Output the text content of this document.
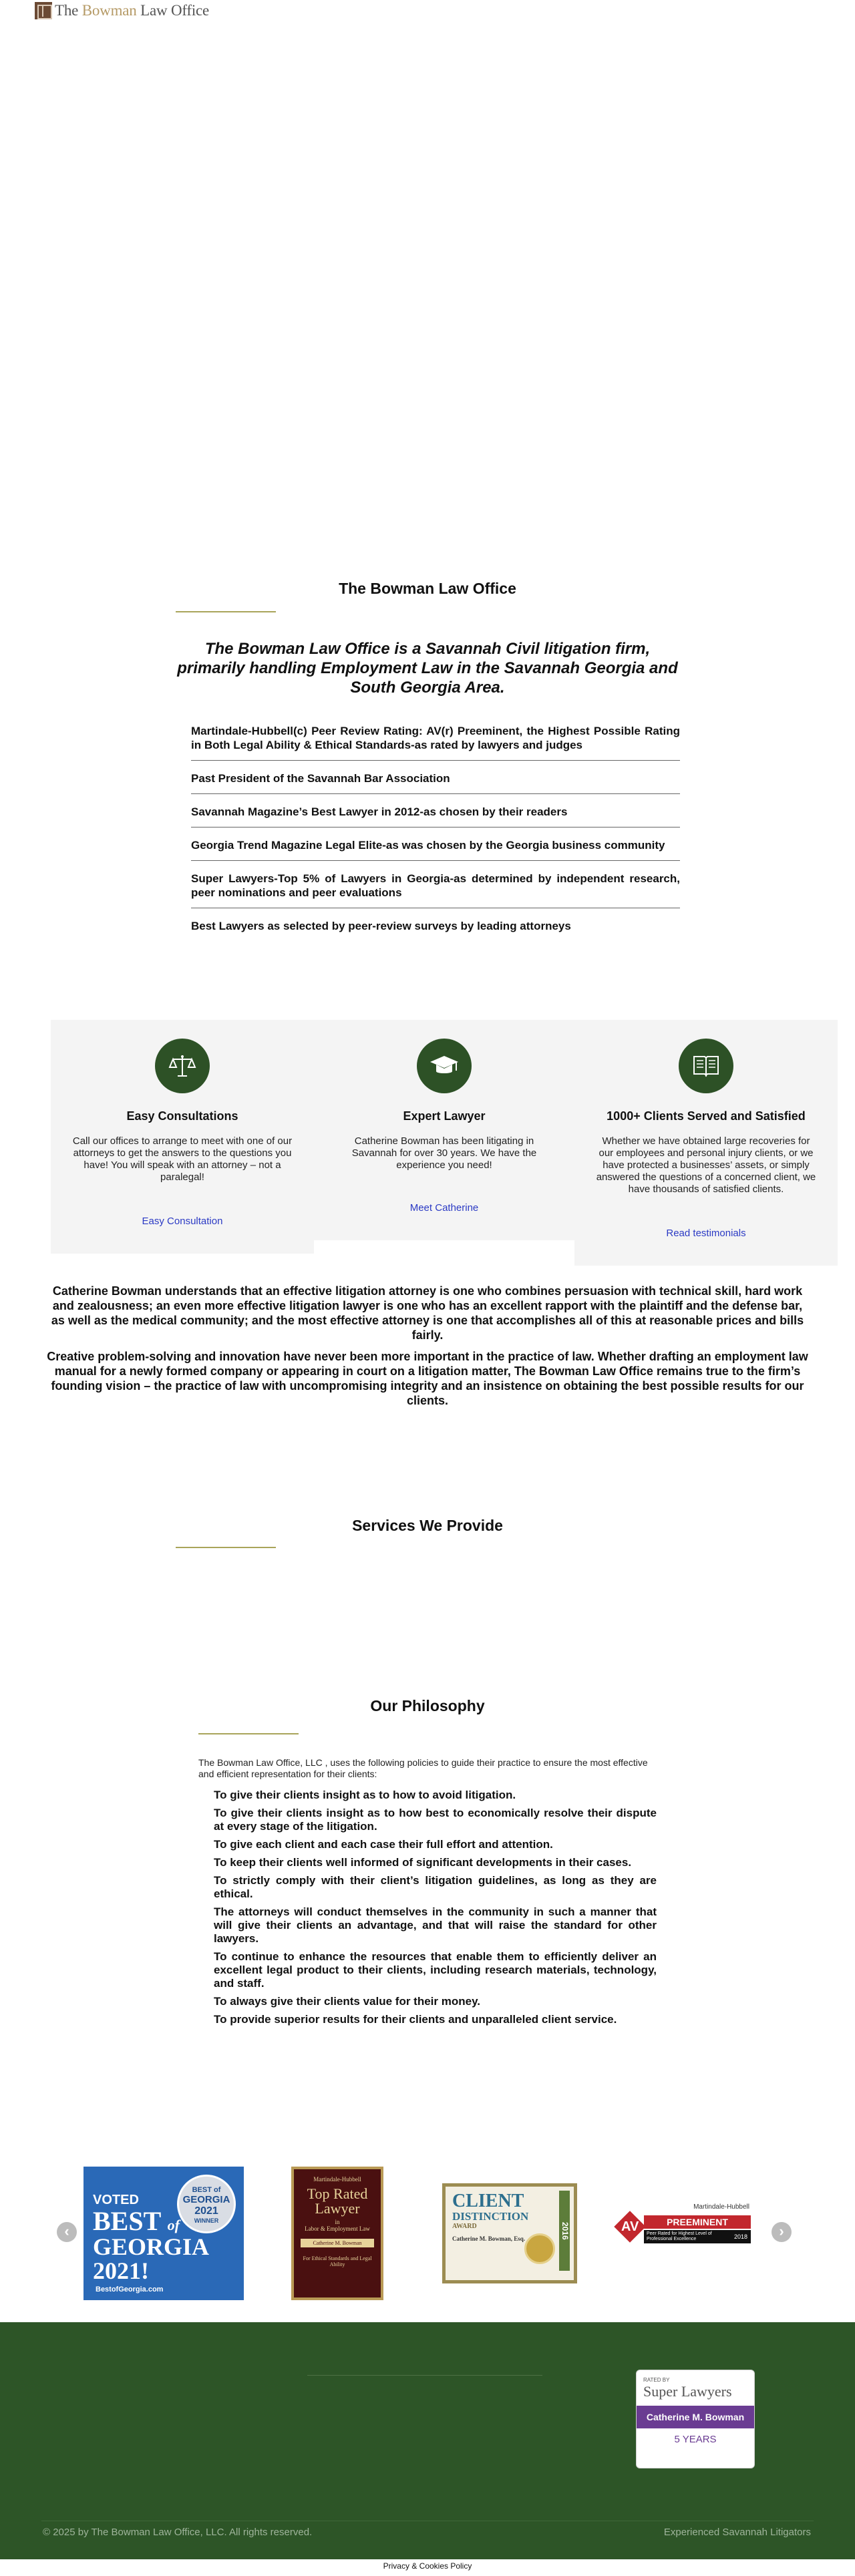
The Bowman Law Office
The Bowman Law Office
The Bowman Law Office is a Savannah Civil litigation firm, primarily handling Employment Law in the Savannah Georgia and South Georgia Area.
Martindale-Hubbell(c) Peer Review Rating: AV(r) Preeminent, the Highest Possible Rating in Both Legal Ability & Ethical Standards-as rated by lawyers and judges
Past President of the Savannah Bar Association
Savannah Magazine’s Best Lawyer in 2012-as chosen by their readers
Georgia Trend Magazine Legal Elite-as was chosen by the Georgia business community
Super Lawyers-Top 5% of Lawyers in Georgia-as determined by independent research, peer nominations and peer evaluations
Best Lawyers as selected by peer-review surveys by leading attorneys
Easy Consultations

Call our offices to arrange to meet with one of our attorneys to get the answers to the questions you have! You will speak with an attorney – not a paralegal!

Easy Consultation
Expert Lawyer

Catherine Bowman has been litigating in Savannah for over 30 years. We have the experience you need!

Meet Catherine
1000+ Clients Served and Satisfied

Whether we have obtained large recoveries for our employees and personal injury clients, or we have protected a businesses’ assets, or simply answered the questions of a concerned client, we have thousands of satisfied clients.

Read testimonials

Catherine Bowman understands that an effective litigation attorney is one who combines persuasion with technical skill, hard work and zealousness; an even more effective litigation lawyer is one who has an excellent rapport with the plaintiff and the defense bar, as well as the medical community; and the most effective attorney is one that accomplishes all of this at reasonable prices and bills fairly.

Creative problem-solving and innovation have never been more important in the practice of law. Whether drafting an employment law manual for a newly formed company or appearing in court on a litigation matter, The Bowman Law Office remains true to the firm’s founding vision – the practice of law with uncompromising integrity and an insistence on obtaining the best possible results for our clients.

Services We Provide
Our Philosophy
The Bowman Law Office, LLC , uses the following policies to guide their practice to ensure the most effective and efficient representation for their clients:
To give their clients insight as to how to avoid litigation.
To give their clients insight as to how best to economically resolve their dispute at every stage of the litigation.
To give each client and each case their full effort and attention.
To keep their clients well informed of significant developments in their cases.
To strictly comply with their client’s litigation guidelines, as long as they are ethical.
The attorneys will conduct themselves in the community in such a manner that will give their clients an advantage, and that will raise the standard for other lawyers.
To continue to enhance the resources that enable them to efficiently deliver an excellent legal product to their clients, including research materials, technology, and staff.
To always give their clients value for their money.
To provide superior results for their clients and unparalleled client service.
‹	›
VOTED
BEST of
GEORGIA
2021!
BEST of
GEORGIA
2021
WINNER
BestofGeorgia.com
Martindale-Hubbell
Top Rated
Lawyer
in
Labor & Employment Law
Catherine M. Bowman
For Ethical Standards and Legal Ability
CLIENT
DISTINCTION
AWARD
Catherine M. Bowman, Esq.	2016
Martindale-Hubbell
AV	PREEMINENT
Peer Rated for Highest Level of Professional Excellence	2018
RATED BY
Super Lawyers
Catherine M. Bowman
5 YEARS
© 2025 by The Bowman Law Office, LLC. All rights reserved.	Experienced Savannah Litigators
Privacy & Cookies Policy
